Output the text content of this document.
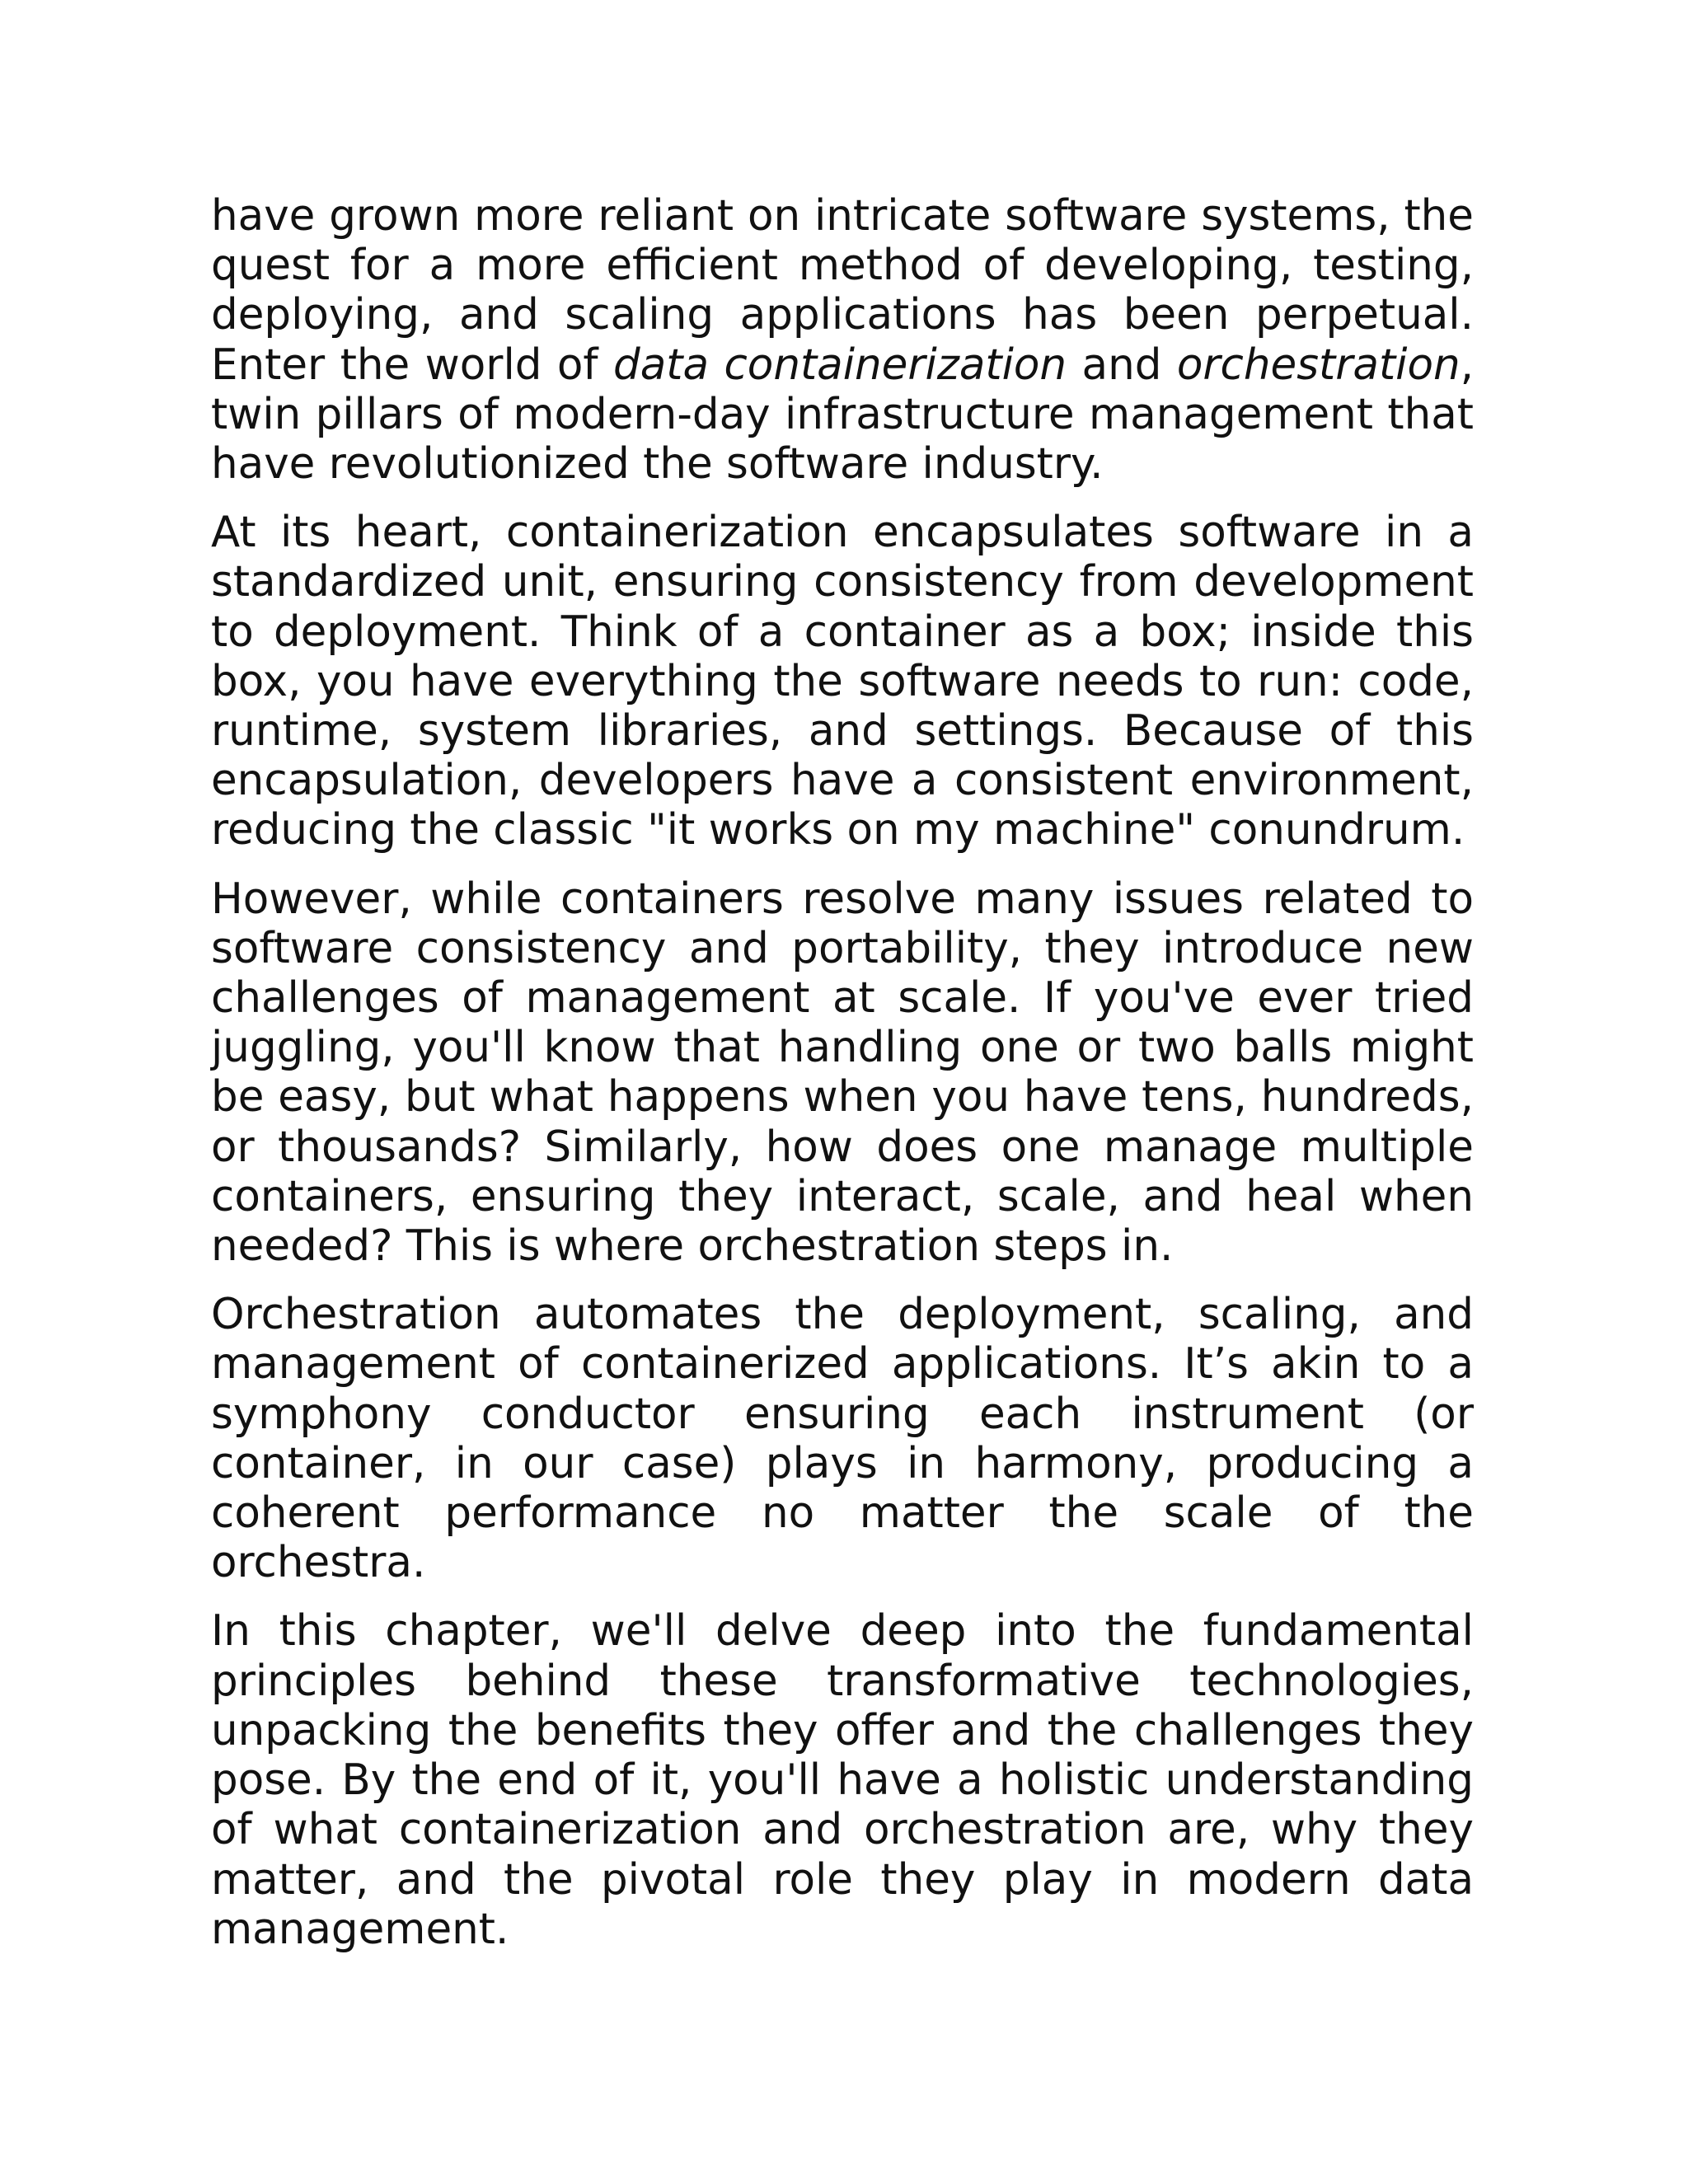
have grown more reliant on intricate software systems, the quest for a more efficient method of developing, testing, deploying, and scaling applications has been perpetual. Enter the world of data containerization and orchestration, twin pillars of modern-day infrastructure management that have revolutionized the software industry.

At its heart, containerization encapsulates software in a standardized unit, ensuring consistency from development to deployment. Think of a container as a box; inside this box, you have everything the software needs to run: code, runtime, system libraries, and settings. Because of this encapsulation, developers have a consistent environment, reducing the classic "it works on my machine" conundrum.

However, while containers resolve many issues related to software consistency and portability, they introduce new challenges of management at scale. If you've ever tried juggling, you'll know that handling one or two balls might be easy, but what happens when you have tens, hundreds, or thousands? Similarly, how does one manage multiple containers, ensuring they interact, scale, and heal when needed? This is where orchestration steps in.

Orchestration automates the deployment, scaling, and management of containerized applications. It’s akin to a symphony conductor ensuring each instrument (or container, in our case) plays in harmony, producing a coherent performance no matter the scale of the orchestra.

In this chapter, we'll delve deep into the fundamental principles behind these transformative technologies, unpacking the benefits they offer and the challenges they pose. By the end of it, you'll have a holistic understanding of what containerization and orchestration are, why they matter, and the pivotal role they play in modern data management.
